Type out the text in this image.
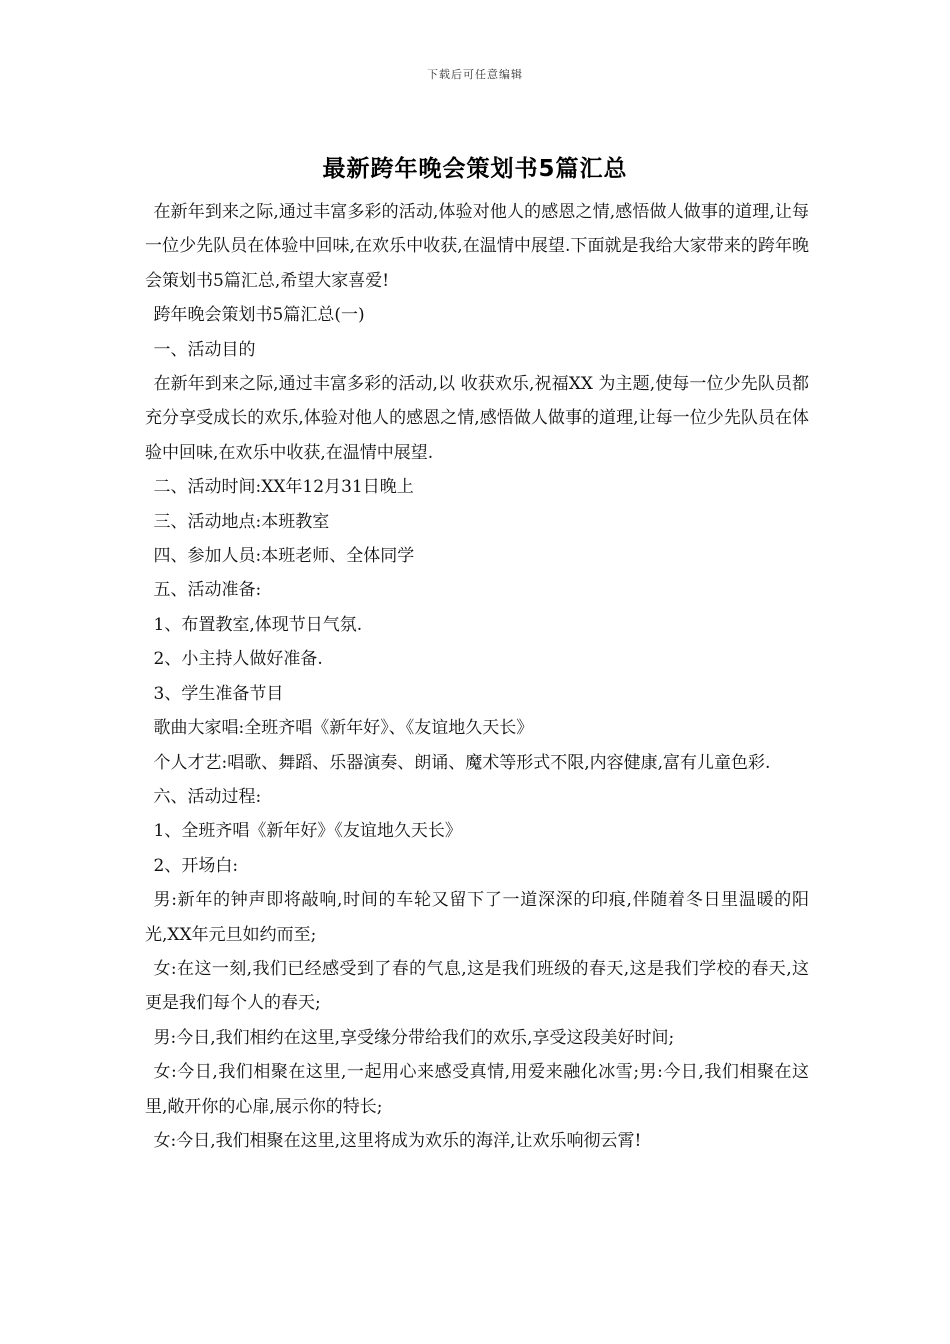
下载后可任意编辑
最新跨年晚会策划书5篇汇总

在新年到来之际,通过丰富多彩的活动,体验对他人的感恩之情,感悟做人做事的道理,让每一位少先队员在体验中回味,在欢乐中收获,在温情中展望.下面就是我给大家带来的跨年晚会策划书5篇汇总,希望大家喜爱!

跨年晚会策划书5篇汇总(一)

一、活动目的

在新年到来之际,通过丰富多彩的活动,以 收获欢乐,祝福XX 为主题,使每一位少先队员都充分享受成长的欢乐,体验对他人的感恩之情,感悟做人做事的道理,让每一位少先队员在体验中回味,在欢乐中收获,在温情中展望.

二、活动时间:XX年12月31日晚上

三、活动地点:本班教室

四、参加人员:本班老师、全体同学

五、活动准备:

1、布置教室,体现节日气氛.

2、小主持人做好准备.

3、学生准备节目

歌曲大家唱:全班齐唱《新年好》、《友谊地久天长》

个人才艺:唱歌、舞蹈、乐器演奏、朗诵、魔术等形式不限,内容健康,富有儿童色彩.

六、活动过程:

1、全班齐唱《新年好》《友谊地久天长》

2、开场白:

男:新年的钟声即将敲响,时间的车轮又留下了一道深深的印痕,伴随着冬日里温暖的阳光,XX年元旦如约而至;

女:在这一刻,我们已经感受到了春的气息,这是我们班级的春天,这是我们学校的春天,这更是我们每个人的春天;

男:今日,我们相约在这里,享受缘分带给我们的欢乐,享受这段美好时间;

女:今日,我们相聚在这里,一起用心来感受真情,用爱来融化冰雪;男:今日,我们相聚在这里,敞开你的心扉,展示你的特长;

女:今日,我们相聚在这里,这里将成为欢乐的海洋,让欢乐响彻云霄!
